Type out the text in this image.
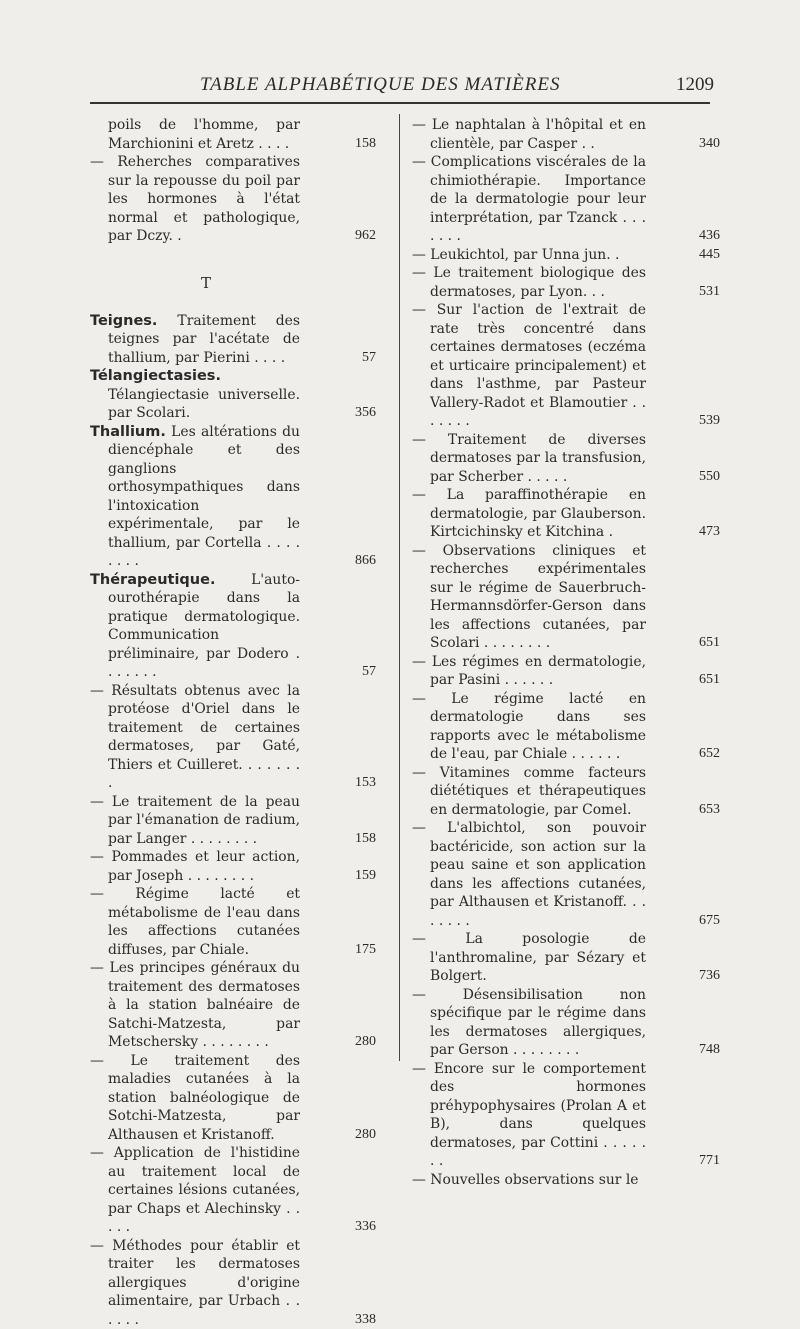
TABLE ALPHABÉTIQUE DES MATIÈRES	1209
poils de l'homme, par Marchionini et Aretz . . . .	158
— Reherches comparatives sur la repousse du poil par les hormones à l'état normal et pathologique, par Dczy. .	962
T
Teignes. Traitement des teignes par l'acétate de thallium, par Pierini . . . .	57
Télangiectasies. Télangiectasie universelle. par Scolari.	356
Thallium. Les altérations du diencéphale et des ganglions orthosympathiques dans l'intoxication expérimentale, par le thallium, par Cortella . . . . . . . .	866
Thérapeutique. L'auto-ourothérapie dans la pratique dermatologique. Communication préliminaire, par Dodero . . . . . . .	57
— Résultats obtenus avec la protéose d'Oriel dans le traitement de certaines dermatoses, par Gaté, Thiers et Cuilleret. . . . . . . .	153
— Le traitement de la peau par l'émanation de radium, par Langer . . . . . . . .	158
— Pommades et leur action, par Joseph . . . . . . . .	159
— Régime lacté et métabolisme de l'eau dans les affections cutanées diffuses, par Chiale.	175
— Les principes généraux du traitement des dermatoses à la station balnéaire de Satchi-Matzesta, par Metschersky . . . . . . . .	280
— Le traitement des maladies cutanées à la station balnéologique de Sotchi-Matzesta, par Althausen et Kristanoff.	280
— Application de l'histidine au traitement local de certaines lésions cutanées, par Chaps et Alechinsky . . . . .	336
— Méthodes pour établir et traiter les dermatoses allergiques d'origine alimentaire, par Urbach . . . . . .	338
— Le naphtalan à l'hôpital et en clientèle, par Casper . .	340
— Complications viscérales de la chimiothérapie. Importance de la dermatologie pour leur interprétation, par Tzanck . . . . . . .	436
— Leukichtol, par Unna jun. .	445
— Le traitement biologique des dermatoses, par Lyon. . .	531
— Sur l'action de l'extrait de rate très concentré dans certaines dermatoses (eczéma et urticaire principalement) et dans l'asthme, par Pasteur Vallery-Radot et Blamoutier . . . . . . .	539
— Traitement de diverses dermatoses par la transfusion, par Scherber . . . . .	550
— La paraffinothérapie en dermatologie, par Glauberson. Kirtcichinsky et Kitchina .	473
— Observations cliniques et recherches expérimentales sur le régime de Sauerbruch-Hermannsdörfer-Gerson dans les affections cutanées, par Scolari . . . . . . . .	651
— Les régimes en dermatologie, par Pasini . . . . . .	651
— Le régime lacté en dermatologie dans ses rapports avec le métabolisme de l'eau, par Chiale . . . . . .	652
— Vitamines comme facteurs diététiques et thérapeutiques en dermatologie, par Comel.	653
— L'albichtol, son pouvoir bactéricide, son action sur la peau saine et son application dans les affections cutanées, par Althausen et Kristanoff. . . . . . . .	675
— La posologie de l'anthromaline, par Sézary et Bolgert.	736
— Désensibilisation non spécifique par le régime dans les dermatoses allergiques, par Gerson . . . . . . . .	748
— Encore sur le comportement des hormones préhypophysaires (Prolan A et B), dans quelques dermatoses, par Cottini . . . . . . .	771
— Nouvelles observations sur le
